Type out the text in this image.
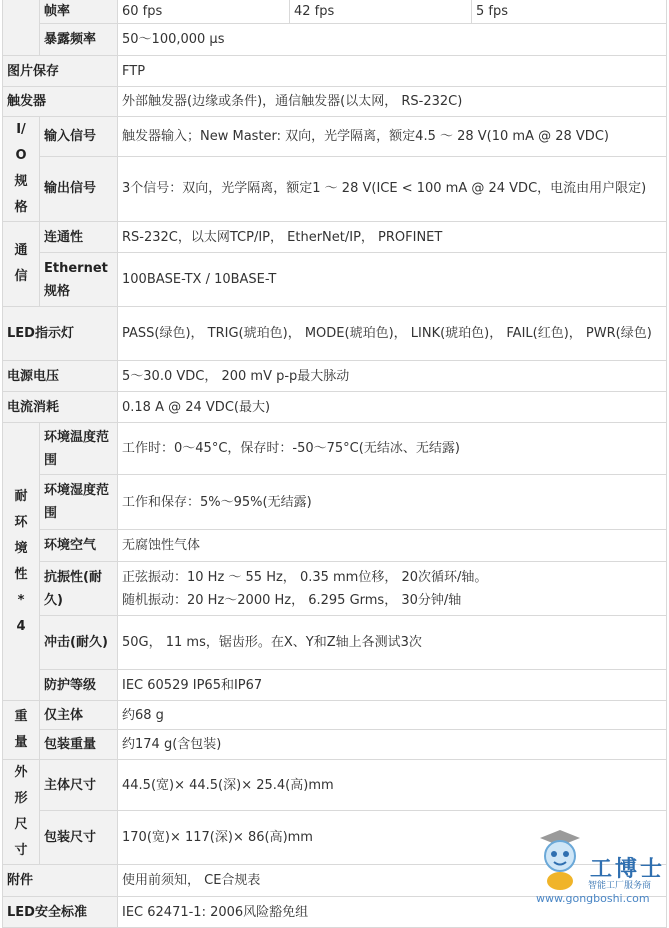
	帧率	60 fps	42 fps	5 fps
	暴露频率	50～100,000 μs		
图片保存		FTP		
触发器		外部触发器(边缘或条件)，通信触发器(以太网， RS-232C)		
I/O规格	输入信号	触发器输入；New Master: 双向，光学隔离，额定4.5 ～ 28 V(10 mA @ 28 VDC)		
	输出信号	3个信号：双向，光学隔离，额定1 ～ 28 V(ICE < 100 mA @ 24 VDC，电流由用户限定)		
通信	连通性	RS-232C，以太网TCP/IP， EtherNet/IP， PROFINET		
	Ethernet规格	100BASE-TX / 10BASE-T		
LED指示灯		PASS(绿色)， TRIG(琥珀色)， MODE(琥珀色)， LINK(琥珀色)， FAIL(红色)， PWR(绿色)		
电源电压		5～30.0 VDC， 200 mV p-p最大脉动		
电流消耗		0.18 A @ 24 VDC(最大)		
耐环境性*4	环境温度范围	工作时：0～45°C，保存时：-50～75°C(无结冰、无结露)		
	环境湿度范围	工作和保存：5%～95%(无结露)		
	环境空气	无腐蚀性气体		
	抗振性(耐久)	正弦振动：10 Hz ～ 55 Hz， 0.35 mm位移， 20次循环/轴。
随机振动：20 Hz～2000 Hz， 6.295 Grms， 30分钟/轴		

	冲击(耐久)	50G， 11 ms，锯齿形。在X、Y和Z轴上各测试3次		
	防护等级	IEC 60529 IP65和IP67		
重量	仅主体	约68 g		
	包装重量	约174 g(含包装)		
外形尺寸	主体尺寸	44.5(宽)× 44.5(深)× 25.4(高)mm		
	包装尺寸	170(宽)× 117(深)× 86(高)mm		
附件		使用前须知， CE合规表		
LED安全标准		IEC 62471-1: 2006风险豁免组		
工博士
智能工厂服务商
www.gongboshi.com
